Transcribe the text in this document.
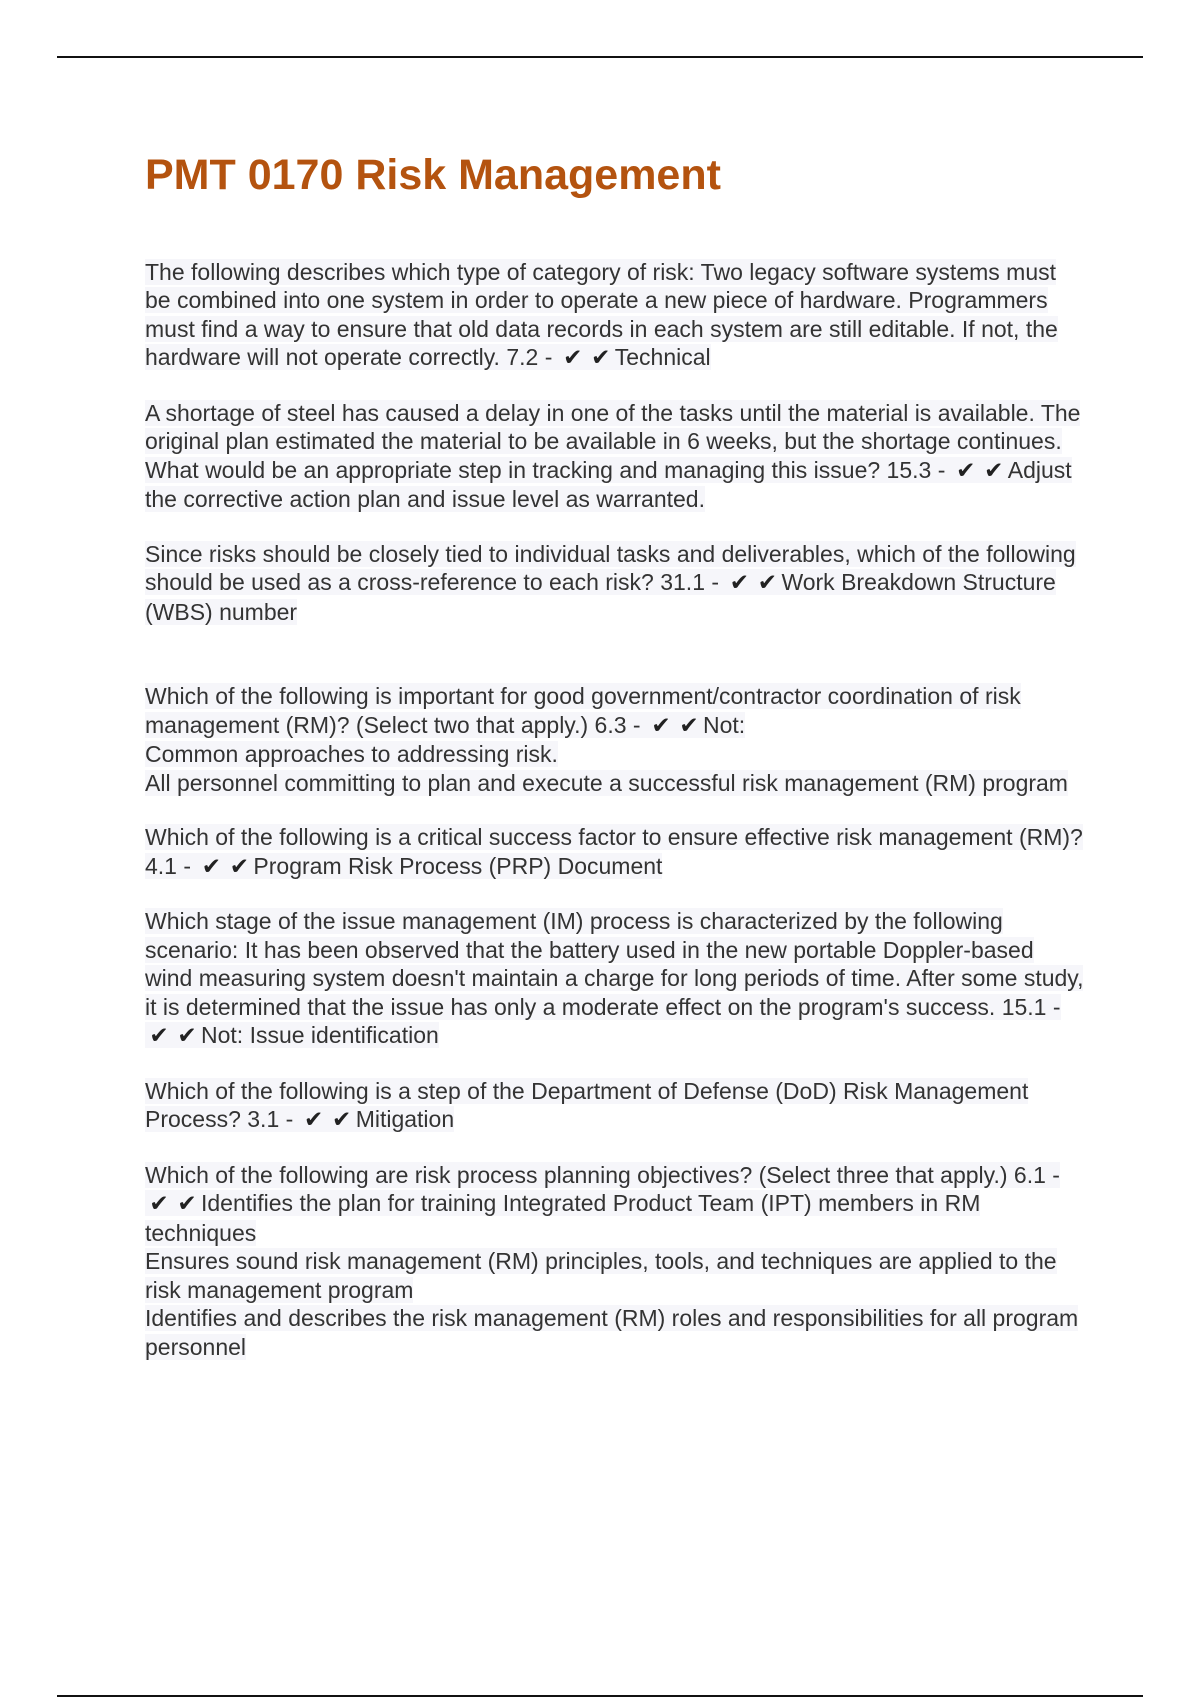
PMT 0170 Risk Management

The following describes which type of category of risk: Two legacy software systems must be combined into one system in order to operate a new piece of hardware. Programmers must find a way to ensure that old data records in each system are still editable. If not, the hardware will not operate correctly. 7.2 - ✔ ✔ Technical

A shortage of steel has caused a delay in one of the tasks until the material is available. The original plan estimated the material to be available in 6 weeks, but the shortage continues. What would be an appropriate step in tracking and managing this issue? 15.3 - ✔ ✔ Adjust the corrective action plan and issue level as warranted.

Since risks should be closely tied to individual tasks and deliverables, which of the following should be used as a cross-reference to each risk? 31.1 - ✔ ✔ Work Breakdown Structure (WBS) number

Which of the following is important for good government/contractor coordination of risk management (RM)? (Select two that apply.) 6.3 - ✔ ✔ Not:
Common approaches to addressing risk.
All personnel committing to plan and execute a successful risk management (RM) program

Which of the following is a critical success factor to ensure effective risk management (RM)? 4.1 - ✔ ✔ Program Risk Process (PRP) Document

Which stage of the issue management (IM) process is characterized by the following scenario: It has been observed that the battery used in the new portable Doppler-based wind measuring system doesn't maintain a charge for long periods of time. After some study, it is determined that the issue has only a moderate effect on the program's success. 15.1 - ✔ ✔ Not: Issue identification

Which of the following is a step of the Department of Defense (DoD) Risk Management Process? 3.1 - ✔ ✔ Mitigation

Which of the following are risk process planning objectives? (Select three that apply.) 6.1 - ✔ ✔ Identifies the plan for training Integrated Product Team (IPT) members in RM techniques
Ensures sound risk management (RM) principles, tools, and techniques are applied to the risk management program
Identifies and describes the risk management (RM) roles and responsibilities for all program personnel
